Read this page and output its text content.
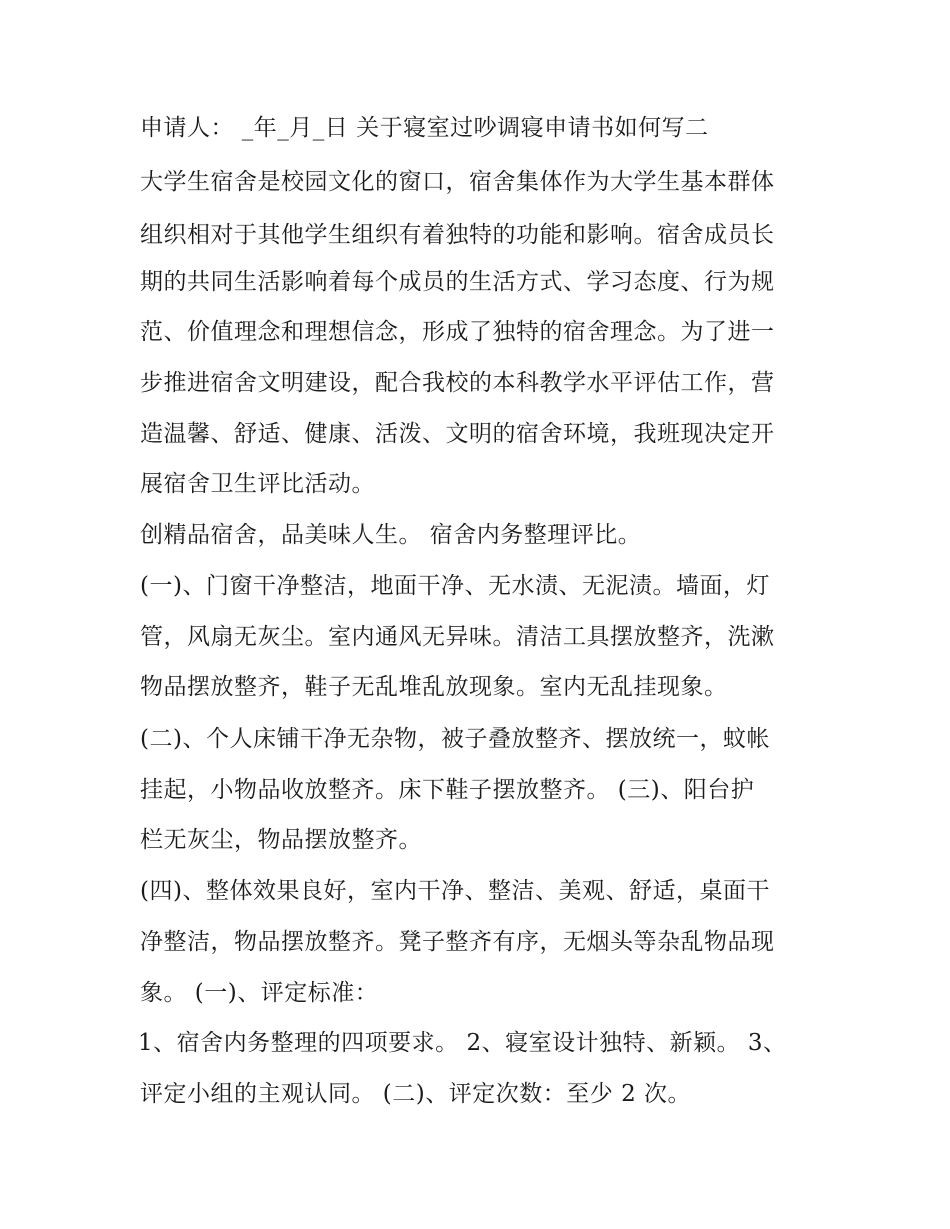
申请人： _年_月_日 关于寝室过吵调寝申请书如何写二
大学生宿舍是校园文化的窗口，宿舍集体作为大学生基本群体
组织相对于其他学生组织有着独特的功能和影响。宿舍成员长
期的共同生活影响着每个成员的生活方式、学习态度、行为规
范、价值理念和理想信念，形成了独特的宿舍理念。为了进一
步推进宿舍文明建设，配合我校的本科教学水平评估工作，营
造温馨、舒适、健康、活泼、文明的宿舍环境，我班现决定开
展宿舍卫生评比活动。
创精品宿舍，品美味人生。 宿舍内务整理评比。
(一)、门窗干净整洁，地面干净、无水渍、无泥渍。墙面，灯
管，风扇无灰尘。室内通风无异味。清洁工具摆放整齐，洗漱
物品摆放整齐，鞋子无乱堆乱放现象。室内无乱挂现象。
(二)、个人床铺干净无杂物，被子叠放整齐、摆放统一，蚊帐
挂起，小物品收放整齐。床下鞋子摆放整齐。 (三)、阳台护
栏无灰尘，物品摆放整齐。
(四)、整体效果良好，室内干净、整洁、美观、舒适，桌面干
净整洁，物品摆放整齐。凳子整齐有序，无烟头等杂乱物品现
象。 (一)、评定标准：
1、宿舍内务整理的四项要求。 2、寝室设计独特、新颖。 3、
评定小组的主观认同。 (二)、评定次数：至少 2 次。
